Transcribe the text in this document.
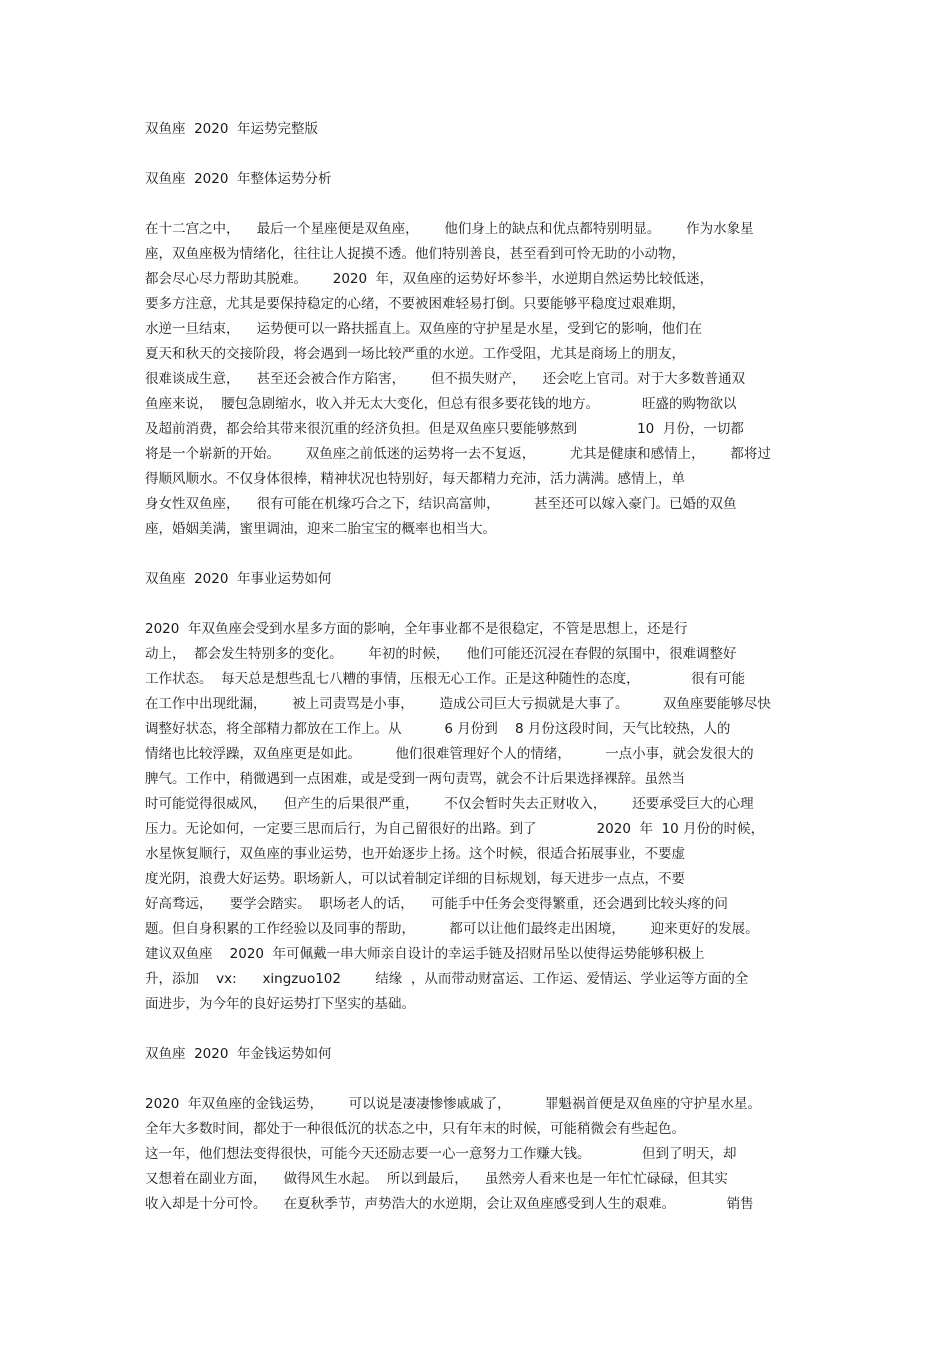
双鱼座  2020  年运势完整版

双鱼座  2020  年整体运势分析

在十二宫之中，    最后一个星座便是双鱼座，      他们身上的缺点和优点都特别明显。      作为水象星

座，双鱼座极为情绪化，往往让人捉摸不透。他们特别善良，甚至看到可怜无助的小动物，

都会尽心尽力帮助其脱难。      2020  年，双鱼座的运势好坏参半，水逆期自然运势比较低迷，

要多方注意，尤其是要保持稳定的心绪，不要被困难轻易打倒。只要能够平稳度过艰难期，

水逆一旦结束，    运势便可以一路扶摇直上。双鱼座的守护星是水星，受到它的影响，他们在

夏天和秋天的交接阶段，将会遇到一场比较严重的水逆。工作受阻，尤其是商场上的朋友，

很难谈成生意，    甚至还会被合作方陷害，      但不损失财产，    还会吃上官司。对于大多数普通双

鱼座来说，  腰包急剧缩水，收入并无太大变化，但总有很多要花钱的地方。          旺盛的购物欲以

及超前消费，都会给其带来很沉重的经济负担。但是双鱼座只要能够熬到              10  月份，一切都

将是一个崭新的开始。      双鱼座之前低迷的运势将一去不复返，        尤其是健康和感情上，      都将过

得顺风顺水。不仅身体很棒，精神状况也特别好，每天都精力充沛，活力满满。感情上，单

身女性双鱼座，    很有可能在机缘巧合之下，结识高富帅，        甚至还可以嫁入豪门。已婚的双鱼

座，婚姻美满，蜜里调油，迎来二胎宝宝的概率也相当大。

双鱼座  2020  年事业运势如何

2020  年双鱼座会受到水星多方面的影响，全年事业都不是很稳定，不管是思想上，还是行

动上，  都会发生特别多的变化。      年初的时候，    他们可能还沉浸在春假的氛围中，很难调整好

工作状态。  每天总是想些乱七八糟的事情，压根无心工作。正是这种随性的态度，            很有可能

在工作中出现纰漏，      被上司责骂是小事，      造成公司巨大亏损就是大事了。        双鱼座要能够尽快

调整好状态，将全部精力都放在工作上。从          6 月份到    8 月份这段时间，天气比较热，人的

情绪也比较浮躁，双鱼座更是如此。        他们很难管理好个人的情绪，        一点小事，就会发很大的

脾气。工作中，稍微遇到一点困难，或是受到一两句责骂，就会不计后果选择裸辞。虽然当

时可能觉得很威风，    但产生的后果很严重，      不仅会暂时失去正财收入，      还要承受巨大的心理

压力。无论如何，一定要三思而后行，为自己留很好的出路。到了              2020  年  10 月份的时候，

水星恢复顺行，双鱼座的事业运势，也开始逐步上扬。这个时候，很适合拓展事业，不要虚

度光阴，浪费大好运势。职场新人，可以试着制定详细的目标规划，每天进步一点点，不要

好高骛远，    要学会踏实。  职场老人的话，    可能手中任务会变得繁重，还会遇到比较头疼的问

题。但自身积累的工作经验以及同事的帮助，        都可以让他们最终走出困境，      迎来更好的发展。

建议双鱼座    2020  年可佩戴一串大师亲自设计的幸运手链及招财吊坠以使得运势能够积极上

升，添加    vx:      xingzuo102        结缘  ，从而带动财富运、工作运、爱情运、学业运等方面的全

面进步，为今年的良好运势打下坚实的基础。

双鱼座  2020  年金钱运势如何

2020  年双鱼座的金钱运势，      可以说是凄凄惨惨戚戚了，        罪魁祸首便是双鱼座的守护星水星。

全年大多数时间，都处于一种很低沉的状态之中，只有年末的时候，可能稍微会有些起色。

这一年，他们想法变得很快，可能今天还励志要一心一意努力工作赚大钱。            但到了明天，却

又想着在副业方面，    做得风生水起。  所以到最后，    虽然旁人看来也是一年忙忙碌碌，但其实

收入却是十分可怜。    在夏秋季节，声势浩大的水逆期，会让双鱼座感受到人生的艰难。            销售
